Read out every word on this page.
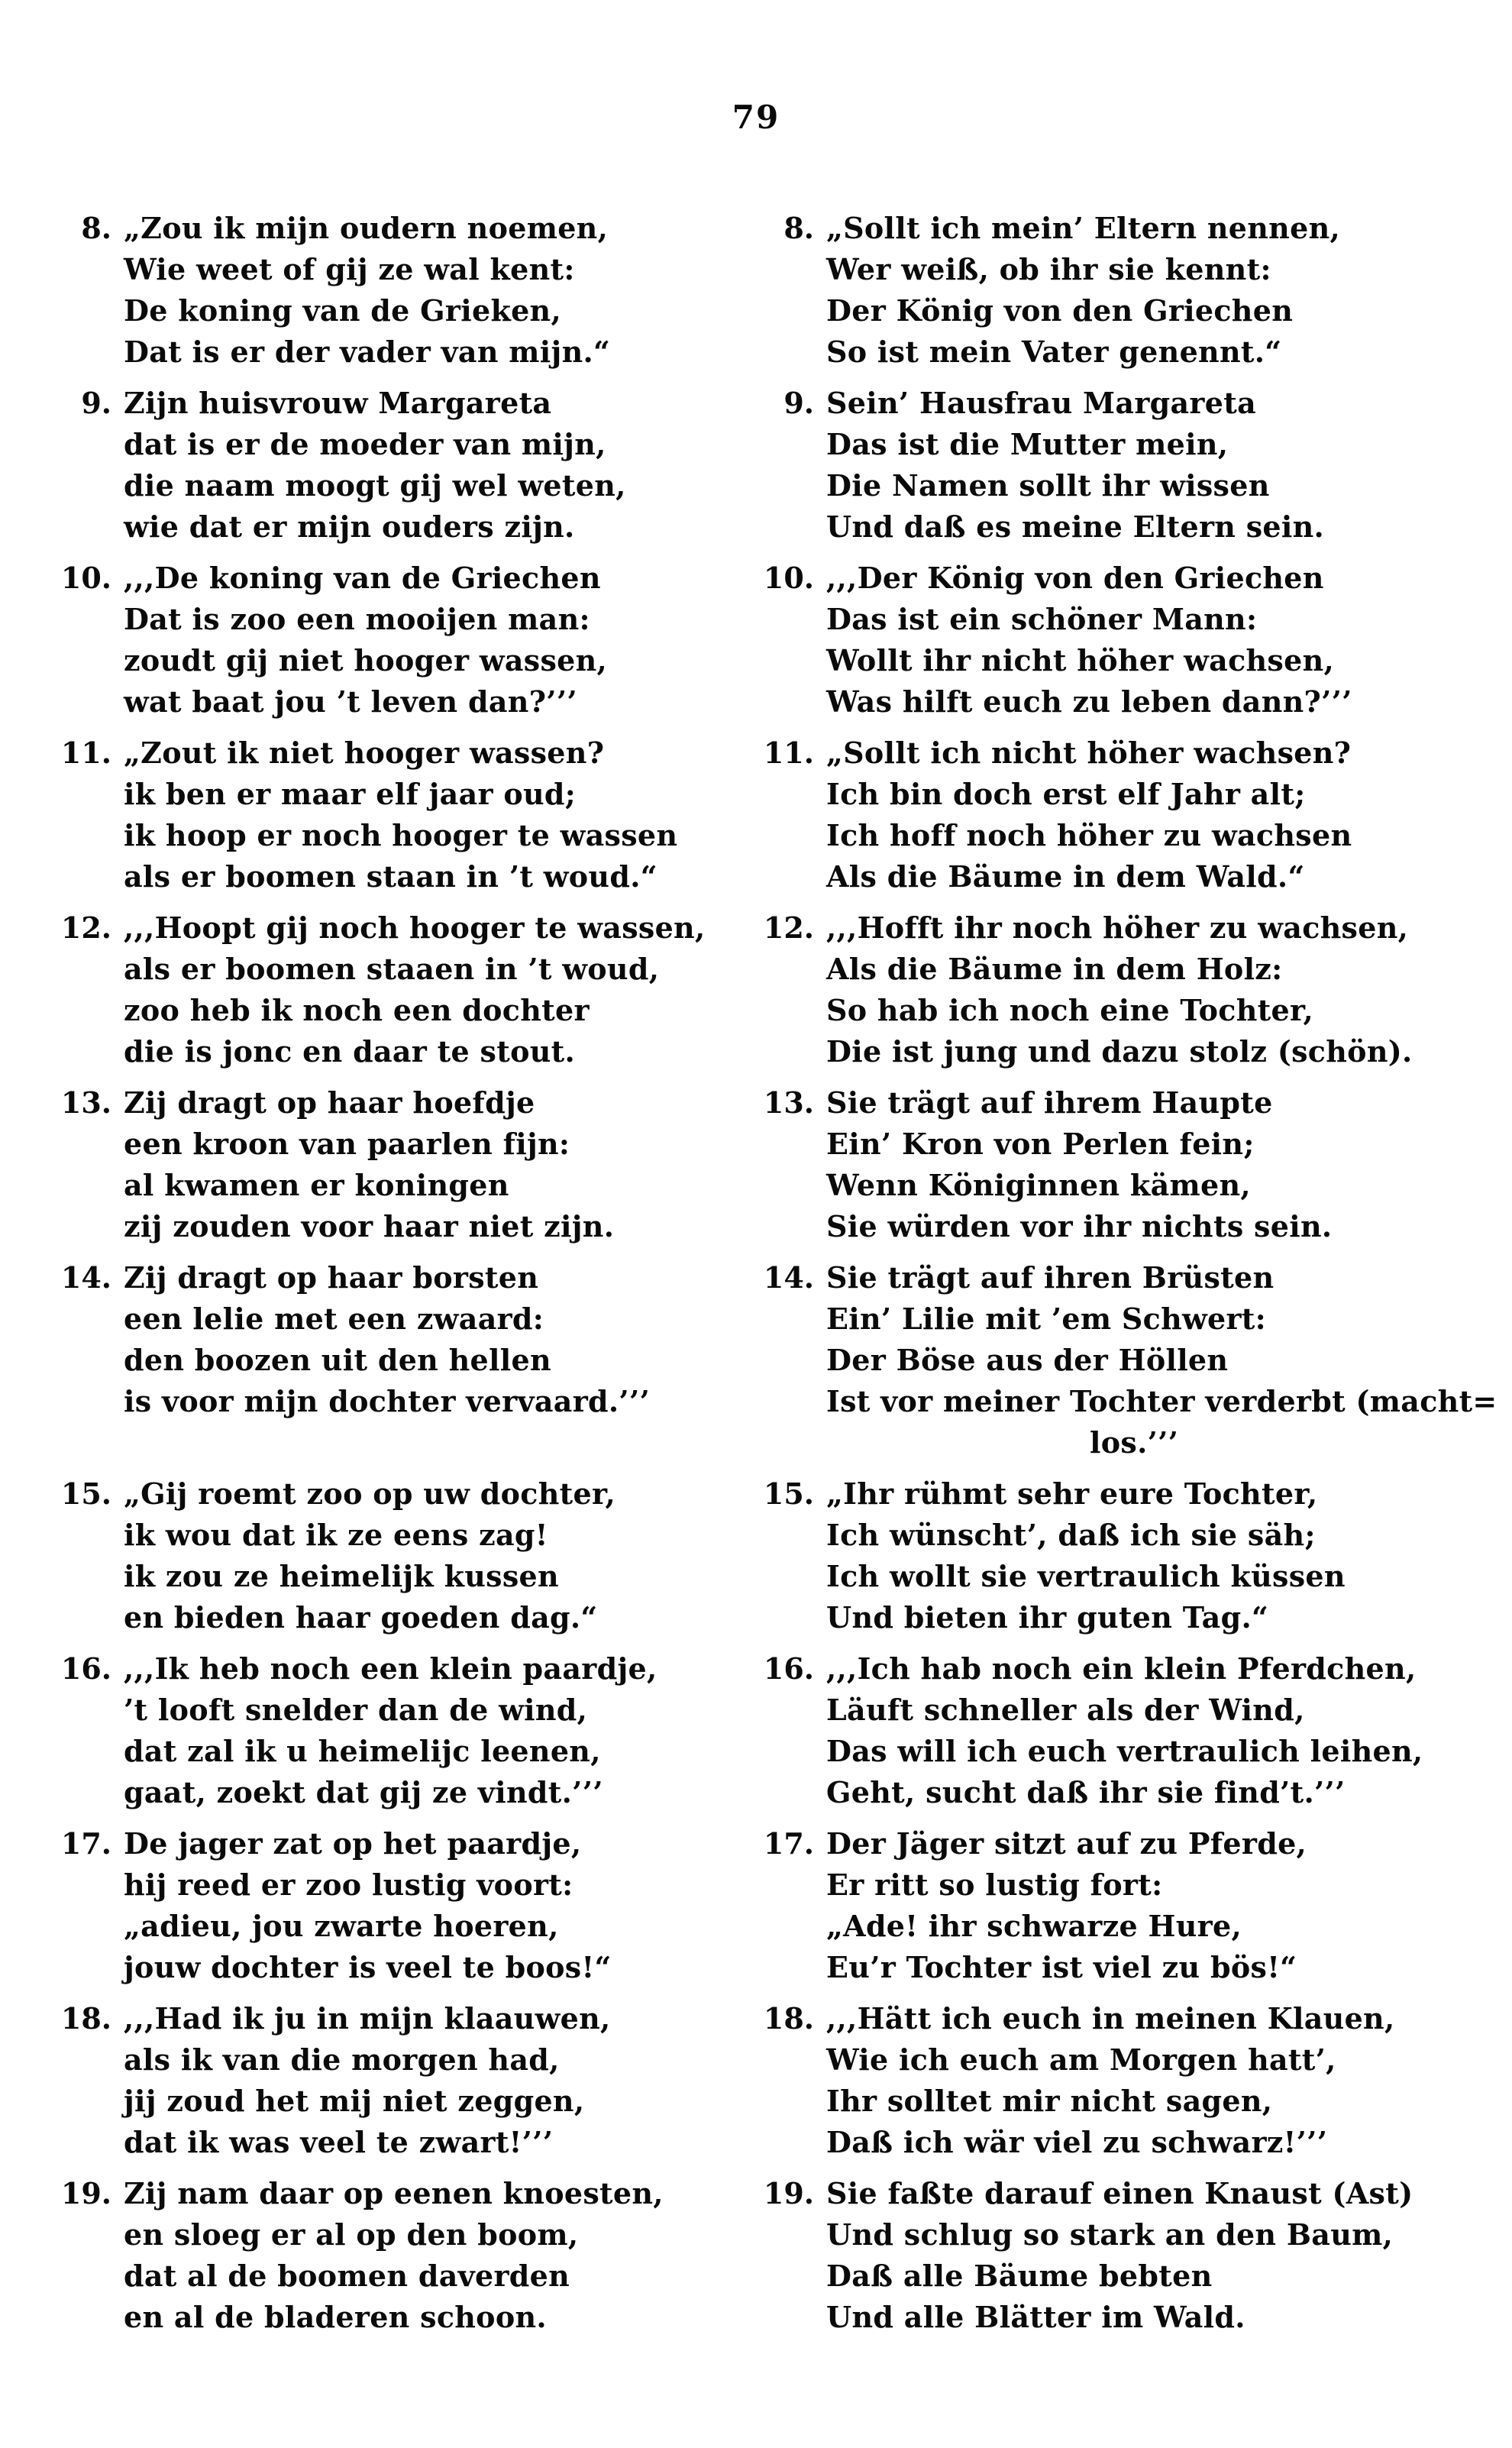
79
8. „Zou ik mijn oudern noemen,
Wie weet of gij ze wal kent:
De koning van de Grieken,
Dat is er der vader van mijn.“
8. „Sollt ich mein’ Eltern nennen,
Wer weiß, ob ihr sie kennt:
Der König von den Griechen
So ist mein Vater genennt.“
9. Zijn huisvrouw Margareta
dat is er de moeder van mijn,
die naam moogt gij wel weten,
wie dat er mijn ouders zijn.
9. Sein’ Hausfrau Margareta
Das ist die Mutter mein,
Die Namen sollt ihr wissen
Und daß es meine Eltern sein.
10. ,,,De koning van de Griechen
Dat is zoo een mooijen man:
zoudt gij niet hooger wassen,
wat baat jou ’t leven dan?’’’
10. ,,,Der König von den Griechen
Das ist ein schöner Mann:
Wollt ihr nicht höher wachsen,
Was hilft euch zu leben dann?’’’
11. „Zout ik niet hooger wassen?
ik ben er maar elf jaar oud;
ik hoop er noch hooger te wassen
als er boomen staan in ’t woud.“
11. „Sollt ich nicht höher wachsen?
Ich bin doch erst elf Jahr alt;
Ich hoff noch höher zu wachsen
Als die Bäume in dem Wald.“
12. ,,,Hoopt gij noch hooger te wassen,
als er boomen staaen in ’t woud,
zoo heb ik noch een dochter
die is jonc en daar te stout.
12. ,,,Hofft ihr noch höher zu wachsen,
Als die Bäume in dem Holz:
So hab ich noch eine Tochter,
Die ist jung und dazu stolz (schön).
13. Zij dragt op haar hoefdje
een kroon van paarlen fijn:
al kwamen er koningen
zij zouden voor haar niet zijn.
13. Sie trägt auf ihrem Haupte
Ein’ Kron von Perlen fein;
Wenn Königinnen kämen,
Sie würden vor ihr nichts sein.
14. Zij dragt op haar borsten
een lelie met een zwaard:
den boozen uit den hellen
is voor mijn dochter vervaard.’’’
14. Sie trägt auf ihren Brüsten
Ein’ Lilie mit ’em Schwert:
Der Böse aus der Höllen
Ist vor meiner Tochter verderbt (macht=
los.’’’
15. „Gij roemt zoo op uw dochter,
ik wou dat ik ze eens zag!
ik zou ze heimelijk kussen
en bieden haar goeden dag.“
15. „Ihr rühmt sehr eure Tochter,
Ich wünscht’, daß ich sie säh;
Ich wollt sie vertraulich küssen
Und bieten ihr guten Tag.“
16. ,,,Ik heb noch een klein paardje,
’t looft snelder dan de wind,
dat zal ik u heimelijc leenen,
gaat, zoekt dat gij ze vindt.’’’
16. ,,,Ich hab noch ein klein Pferdchen,
Läuft schneller als der Wind,
Das will ich euch vertraulich leihen,
Geht, sucht daß ihr sie find’t.’’’
17. De jager zat op het paardje,
hij reed er zoo lustig voort:
„adieu, jou zwarte hoeren,
jouw dochter is veel te boos!“
17. Der Jäger sitzt auf zu Pferde,
Er ritt so lustig fort:
„Ade! ihr schwarze Hure,
Eu’r Tochter ist viel zu bös!“
18. ,,,Had ik ju in mijn klaauwen,
als ik van die morgen had,
jij zoud het mij niet zeggen,
dat ik was veel te zwart!’’’
18. ,,,Hätt ich euch in meinen Klauen,
Wie ich euch am Morgen hatt’,
Ihr solltet mir nicht sagen,
Daß ich wär viel zu schwarz!’’’
19. Zij nam daar op eenen knoesten,
en sloeg er al op den boom,
dat al de boomen daverden
en al de bladeren schoon.
19. Sie faßte darauf einen Knaust (Ast)
Und schlug so stark an den Baum,
Daß alle Bäume bebten
Und alle Blätter im Wald.
